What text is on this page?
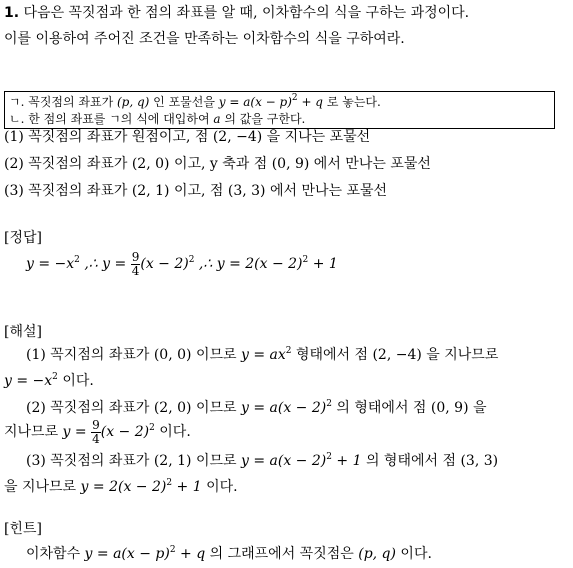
1. 다음은 꼭짓점과 한 점의 좌표를 알 때, 이차함수의 식을 구하는 과정이다.
이를 이용하여 주어진 조건을 만족하는 이차함수의 식을 구하여라.
ㄱ. 꼭짓점의 좌표가 (p, q) 인 포물선을 $y = a(x - p)^2 + q$ 로 놓는다.
ㄴ. 한 점의 좌표를 ㄱ의 식에 대입하여 a 의 값을 구한다.
(1) 꼭짓점의 좌표가 원점이고, 점 (2, −4) 을 지나는 포물선
(2) 꼭짓점의 좌표가 (2, 0) 이고, y 축과 점 (0, 9) 에서 만나는 포물선
(3) 꼭짓점의 좌표가 (2, 1) 이고, 점 (3, 3) 에서 만나는 포물선
[정답]
$y = -x^2$ ,∴ $y = \frac{9}{4} (x - 2)^2$ ,∴ $y = 2(x - 2)^2 + 1$
[해설]
(1) 꼭지점의 좌표가 (0, 0) 이므로 $y = ax^2$ 형태에서 점 (2, −4) 을 지나므로
$y = -x^2$ 이다.
(2) 꼭짓점의 좌표가 (2, 0) 이므로 $y = a(x - 2)^2$ 의 형태에서 점 (0, 9) 을
지나므로 $y = \frac{9}{4} (x - 2)^2$ 이다.
(3) 꼭짓점의 좌표가 (2, 1) 이므로 $y = a(x - 2)^2 + 1$ 의 형태에서 점 (3, 3)
을 지나므로 $y = 2(x - 2)^2 + 1$ 이다.
[힌트]
이차함수 $y = a(x - p)^2 + q$ 의 그래프에서 꼭짓점은 (p, q) 이다.
